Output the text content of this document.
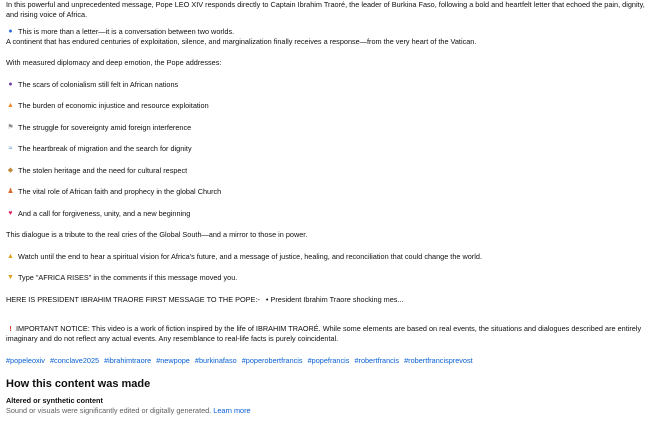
In this powerful and unprecedented message, Pope LEO XIV responds directly to Captain Ibrahim Traoré, the leader of Burkina Faso, following a bold and heartfelt letter that echoed the pain, dignity, and rising voice of Africa.

● This is more than a letter—it is a conversation between two worlds.

A continent that has endured centuries of exploitation, silence, and marginalization finally receives a response—from the very heart of the Vatican.

With measured diplomacy and deep emotion, the Pope addresses:

● The scars of colonialism still felt in African nations

▲ The burden of economic injustice and resource exploitation

⚑ The struggle for sovereignty amid foreign interference

≈ The heartbreak of migration and the search for dignity

◆ The stolen heritage and the need for cultural respect

♟ The vital role of African faith and prophecy in the global Church

♥ And a call for forgiveness, unity, and a new beginning

This dialogue is a tribute to the real cries of the Global South—and a mirror to those in power.

▲ Watch until the end to hear a spiritual vision for Africa's future, and a message of justice, healing, and reconciliation that could change the world.

▼ Type "AFRICA RISES" in the comments if this message moved you.

HERE IS PRESIDENT IBRAHIM TRAORE FIRST MESSAGE TO THE POPE:- • President Ibrahim Traore shocking mes...

! IMPORTANT NOTICE: This video is a work of fiction inspired by the life of IBRAHIM TRAORÉ. While some elements are based on real events, the situations and dialogues described are entirely imaginary and do not reflect any actual events. Any resemblance to real-life facts is purely coincidental.

#popeleoxiv #conclave2025 #ibrahimtraore #newpope #burkinafaso #poperobertfrancis #popefrancis #robertfrancis #robertfrancisprevost

How this content was made

Altered or synthetic content

Sound or visuals were significantly edited or digitally generated. Learn more
